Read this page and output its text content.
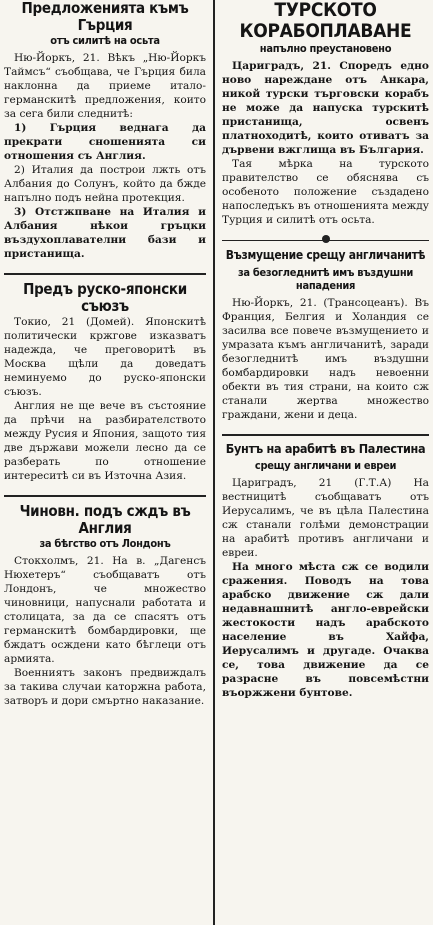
Предложенията къмъ Гърция
отъ силитѣ на осьта

Ню-Йоркъ, 21. Вѣкъ „Ню-Йоркъ Таймсъ“ съобщава, че Гърция била наклонна да приеме итало-германскитѣ предложения, които за сега били следнитѣ:

1) Гърция веднага да прекрати сношенията си отношения съ Англия.

2) Италия да построи лжть отъ Албания до Солунъ, който да бжде напълно подъ нейна протекция.

3) Отстжпване на Италия и Албания нѣкои гръцки въздухоплавателни бази и пристанища.

Предъ руско-японски съюзъ

Токио, 21 (Домей). Японскитѣ политически кржгове изказватъ надежда, че преговоритѣ въ Москва щѣли да доведатъ неминуемо до руско-японски съюзъ.

Англия не ще вече въ състояние да прѣчи на разбирателството между Русия и Япония, защото тия две държави можели лесно да се разберать по отношение интереситѣ си въ Източна Азия.

Чиновн. подъ сждъ въ Англия
за бѣгство отъ Лондонъ

Стокхолмъ, 21. На в. „Дагенсъ Нюхетеръ“ съобщаватъ отъ Лондонъ, че множество чиновници, напуснали работата и столицата, за да се спасятъ отъ германскитѣ бомбардировки, ще бждатъ осждени като бѣглеци отъ армията.

Военниятъ законъ предвиждалъ за такива случаи каторжна работа, затворъ и дори смъртно наказание.

ТУРСКОТО КОРАБОПЛАВАНЕ
напълно преустановено

Цариградъ, 21. Споредъ едно ново нареждане отъ Анкара, никой турски търговски корабъ не може да напуска турскитѣ пристанища, освенъ платноходитѣ, които отиватъ за дървени вжглища въ България.

Тая мѣрка на турското правителство се обяснява съ особеното положение създадено напоследъкъ въ отношенията между Турция и силитѣ отъ осьта.

Възмущение срещу англичанитѣ
за безогледнитѣ имъ въздушни нападения

Ню-Йоркъ, 21. (Трансоцеанъ). Въ Франция, Белгия и Холандия се засилва все повече възмущението и умразата къмъ англичанитѣ, заради безогледнитѣ имъ въздушни бомбардировки надъ невоенни обекти въ тия страни, на които сж станали жертва множество граждани, жени и деца.

Бунтъ на арабитѣ въ Палестина
срещу англичани и евреи

Цариградъ, 21 (Г.Т.А) На вестницитѣ съобщаватъ отъ Иерусалимъ, че въ цѣла Палестина сж станали голѣми демонстрации на арабитѣ противъ англичани и евреи.

На много мѣста сж се водили сражения. Поводъ на това арабско движение сж дали недавнашнитѣ англо-еврейски жестокости надъ арабското население въ Хайфа, Иерусалимъ и другаде. Очаква се, това движение да се разрасне въ повсемѣстни въоржжени бунтове.
